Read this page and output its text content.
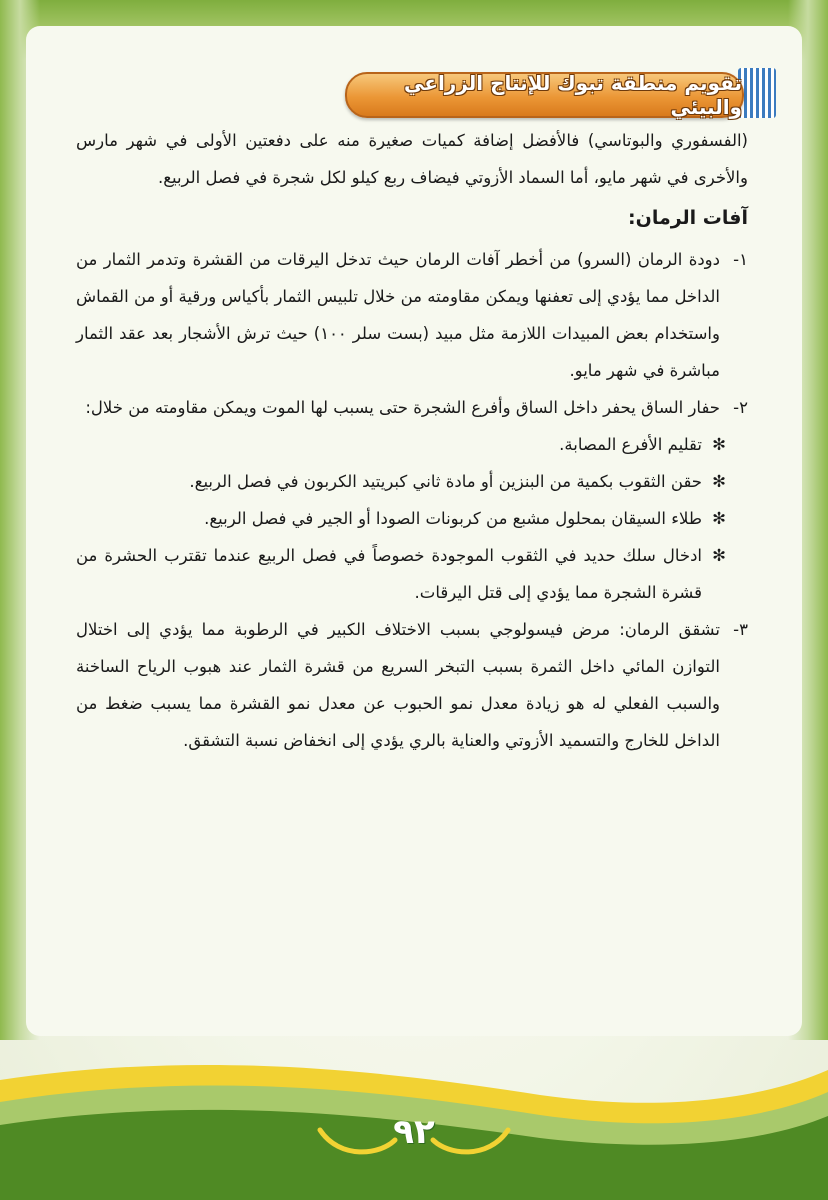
تقويم منطقة تبوك للإنتاج الزراعي والبيئي

(الفسفوري والبوتاسي) فالأفضل إضافة كميات صغيرة منه على دفعتين الأولى في شهر مارس والأخرى في شهر مايو، أما السماد الأزوتي فيضاف ربع كيلو لكل شجرة في فصل الربيع.

آفات الرمان:

١-
دودة الرمان (السرو) من أخطر آفات الرمان حيث تدخل اليرقات من القشرة وتدمر الثمار من الداخل مما يؤدي إلى تعفنها ويمكن مقاومته من خلال تلبيس الثمار بأكياس ورقية أو من القماش واستخدام بعض المبيدات اللازمة مثل مبيد (بست سلر ١٠٠) حيث ترش الأشجار بعد عقد الثمار مباشرة في شهر مايو.
٢-
حفار الساق يحفر داخل الساق وأفرع الشجرة حتى يسبب لها الموت ويمكن مقاومته من خلال:
✻
تقليم الأفرع المصابة.
✻
حقن الثقوب بكمية من البنزين أو مادة ثاني كبريتيد الكربون في فصل الربيع.
✻
طلاء السيقان بمحلول مشبع من كربونات الصودا أو الجير في فصل الربيع.
✻
ادخال سلك حديد في الثقوب الموجودة خصوصاً في فصل الربيع عندما تقترب الحشرة من قشرة الشجرة مما يؤدي إلى قتل اليرقات.
٣-
تشقق الرمان: مرض فيسولوجي بسبب الاختلاف الكبير في الرطوبة مما يؤدي إلى اختلال التوازن المائي داخل الثمرة بسبب التبخر السريع من قشرة الثمار عند هبوب الرياح الساخنة والسبب الفعلي له هو زيادة معدل نمو الحبوب عن معدل نمو القشرة مما يسبب ضغط من الداخل للخارج والتسميد الأزوتي والعناية بالري يؤدي إلى انخفاض نسبة التشقق.
٩٢
